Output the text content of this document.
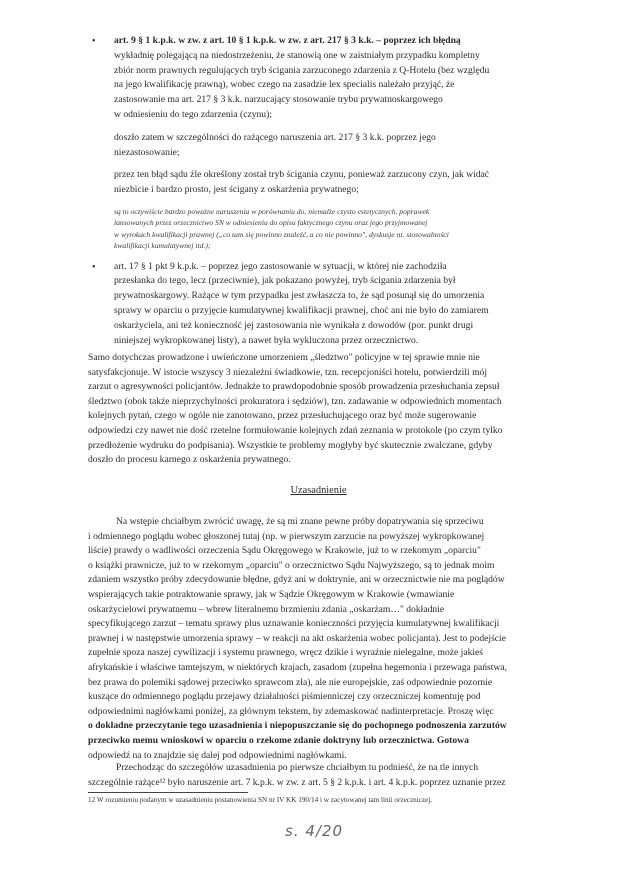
• art. 9 § 1 k.p.k. w zw. z art. 10 § 1 k.p.k. w zw. z art. 217 § 3 k.k. – poprzez ich błędną
wykładnię polegającą na niedostrzeżeniu, że stanowią one w zaistniałym przypadku kompletny
zbiór norm prawnych regulujących tryb ścigania zarzuconego zdarzenia z Q-Hotelu (bez względu
na jego kwalifikację prawną), wobec czego na zasadzie lex specialis należało przyjąć, że
zastosowanie ma art. 217 § 3 k.k. narzucający stosowanie trybu prywatnoskargowego
w odniesieniu do tego zdarzenia (czynu);
doszło zatem w szczególności do rażącego naruszenia art. 217 § 3 k.k. poprzez jego
niezastosowanie;
przez ten błąd sądu źle określony został tryb ścigania czynu, ponieważ zarzucony czyn, jak widać
niezbicie i bardzo prosto, jest ścigany z oskarżenia prywatnego;
są to oczywiście bardzo poważne naruszenia w porównaniu do, niemalże czysto estetycznych, poprawek
lansowanych przez orzecznictwo SN w odniesieniu do opisu faktycznego czynu oraz jego przyjmowanej
w wyrokach kwalifikacji prawnej („co tam się powinno znaleźć, a co nie powinno", dyskusje nt. stosowalności
kwalifikacji kumulatywnej itd.);
• art. 17 § 1 pkt 9 k.p.k. – poprzez jego zastosowanie w sytuacji, w której nie zachodziła
przesłanka do tego, lecz (przeciwnie), jak pokazano powyżej, tryb ścigania zdarzenia był
prywatnoskargowy. Rażące w tym przypadku jest zwłaszcza to, że sąd posunął się do umorzenia
sprawy w oparciu o przyjęcie kumulatywnej kwalifikacji prawnej, choć ani nie było do zamiarem
oskarżyciela, ani też konieczność jej zastosowania nie wynikała z dowodów (por. punkt drugi
niniejszej wykropkowanej listy), a nawet była wykluczona przez orzecznictwo.
Samo dotychczas prowadzone i uwieńczone umorzeniem „śledztwo" policyjne w tej sprawie mnie nie
satysfakcjonuje. W istocie wszyscy 3 niezależni świadkowie, tzn. recepcjoniści hotelu, potwierdzili mój
zarzut o agresywności policjantów. Jednakże to prawdopodobnie sposób prowadzenia przesłuchania zepsuł
śledztwo (obok także nieprzychylności prokuratora i sędziów), tzn. zadawanie w odpowiednich momentach
kolejnych pytań, czego w ogóle nie zanotowano, przez przesłuchującego oraz być może sugerowanie
odpowiedzi czy nawet nie dość rzetelne formułowanie kolejnych zdań zeznania w protokole (po czym tylko
przedłożenie wydruku do podpisania). Wszystkie te problemy mogłyby być skutecznie zwalczane, gdyby
doszło do procesu karnego z oskarżenia prywatnego.
Uzasadnienie
Na wstępie chciałbym zwrócić uwagę, że są mi znane pewne próby dopatrywania się sprzeciwu
i odmiennego poglądu wobec głoszonej tutaj (np. w pierwszym zarzucie na powyższej wykropkowanej
liście) prawdy o wadliwości orzeczenia Sądu Okręgowego w Krakowie, już to w rzekomym „oparciu"
o książki prawnicze, już to w rzekomym „oparciu" o orzecznictwo Sądu Najwyższego, są to jednak moim
zdaniem wszystko próby zdecydowanie błędne, gdyż ani w doktrynie, ani w orzecznictwie nie ma poglądów
wspierających takie potraktowanie sprawy, jak w Sądzie Okręgowym w Krakowie (wmawianie
oskarżycielowi prywatnemu – wbrew literalnemu brzmieniu zdania „oskarżam…" dokładnie
specyfikującego zarzut – tematu sprawy plus uznawanie konieczności przyjęcia kumulatywnej kwalifikacji
prawnej i w następstwie umorzenia sprawy – w reakcji na akt oskarżenia wobec policjanta). Jest to podejście
zupełnie spoza naszej cywilizacji i systemu prawnego, wręcz dzikie i wyraźnie nielegalne, może jakieś
afrykańskie i właściwe tamtejszym, w niektórych krajach, zasadom (zupełna hegemonia i przewaga państwa,
bez prawa do polemiki sądowej przeciwko sprawcom zła), ale nie europejskie, zaś odpowiednie pozornie
kuszące do odmiennego poglądu przejawy działalności piśmienniczej czy orzeczniczej komentuję pod
odpowiednimi nagłówkami poniżej, za głównym tekstem, by zdemaskować nadinterpretacje. Proszę więc
o dokładne przeczytanie tego uzasadnienia i niepopuszczanie się do pochopnego podnoszenia zarzutów
przeciwko memu wnioskowi w oparciu o rzekome zdanie doktryny lub orzecznictwa. Gotowa
odpowiedź na to znajdzie się dalej pod odpowiednimi nagłówkami.
Przechodząc do szczegółów uzasadnienia po pierwsze chciałbym tu podnieść, że na tle innych
szczególnie rażące¹² było naruszenie art. 7 k.p.k. w zw. z art. 5 § 2 k.p.k. i art. 4 k.p.k. poprzez uznanie przez
12 W rozumieniu podanym w uzasadnieniu postanowienia SN nr IV KK 190/14 i w zacytowanej tam linii orzeczniczej.
s. 4/20
